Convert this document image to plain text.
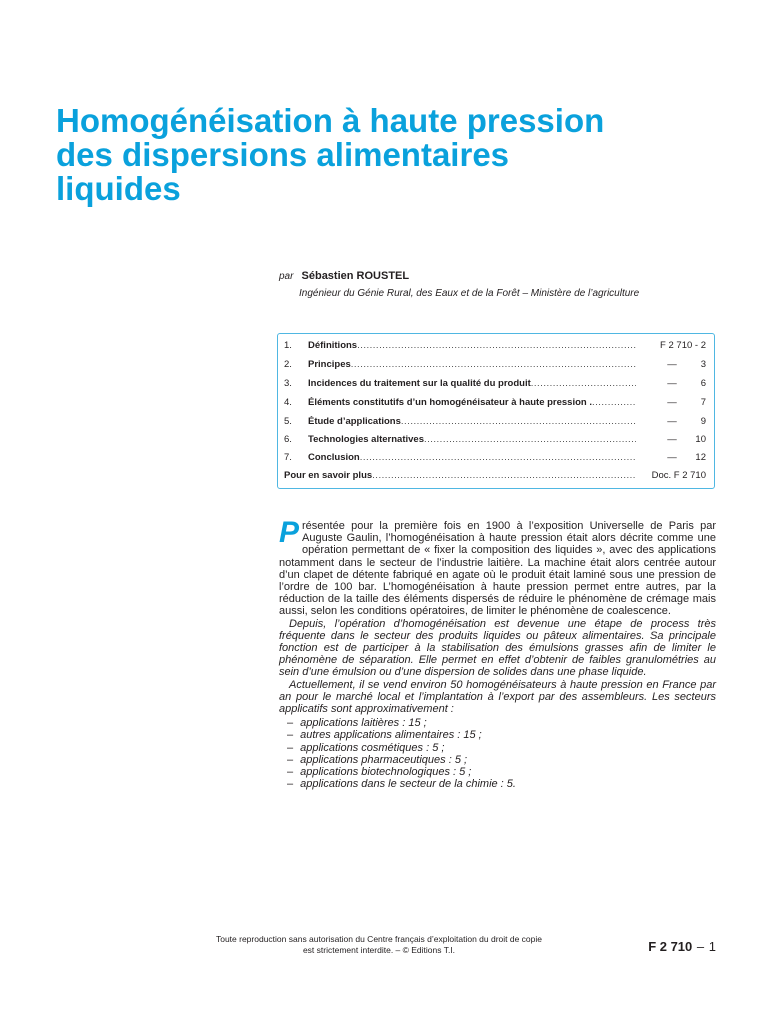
Homogénéisation à haute pression
des dispersions alimentaires
liquides
par Sébastien ROUSTEL
Ingénieur du Génie Rural, des Eaux et de la Forêt – Ministère de l’agriculture
1. Définitions .....	F 2 710 - 2
2. Principes .....	—	3
3. Incidences du traitement sur la qualité du produit .....	—	6
4. Éléments constitutifs d’un homogénéisateur à haute pression . .....	—	7
5. Étude d’applications .....	—	9
6. Technologies alternatives .....	—	10
7. Conclusion .....	—	12
Pour en savoir plus .....	Doc. F 2 710

Présentée pour la première fois en 1900 à l’exposition Universelle de Paris par Auguste Gaulin, l’homogénéisation à haute pression était alors décrite comme une opération permettant de « fixer la composition des liquides », avec des applications notamment dans le secteur de l’industrie laitière. La machine était alors centrée autour d’un clapet de détente fabriqué en agate où le produit était laminé sous une pression de l’ordre de 100 bar. L’homogénéisation à haute pression permet entre autres, par la réduction de la taille des éléments dispersés de réduire le phénomène de crémage mais aussi, selon les conditions opératoires, de limiter le phénomène de coalescence.

Depuis, l’opération d’homogénéisation est devenue une étape de process très fréquente dans le secteur des produits liquides ou pâteux alimentaires. Sa principale fonction est de participer à la stabilisation des émulsions grasses afin de limiter le phénomène de séparation. Elle permet en effet d’obtenir de faibles granulométries au sein d’une émulsion ou d’une dispersion de solides dans une phase liquide.

Actuellement, il se vend environ 50 homogénéisateurs à haute pression en France par an pour le marché local et l’implantation à l’export par des assembleurs. Les secteurs applicatifs sont approximativement :

– applications laitières : 15 ;
– autres applications alimentaires : 15 ;
– applications cosmétiques : 5 ;
– applications pharmaceutiques : 5 ;
– applications biotechnologiques : 5 ;
– applications dans le secteur de la chimie : 5.
Toute reproduction sans autorisation du Centre français d’exploitation du droit de copie
est strictement interdite. – © Editions T.I.	F 2 710 – 1
